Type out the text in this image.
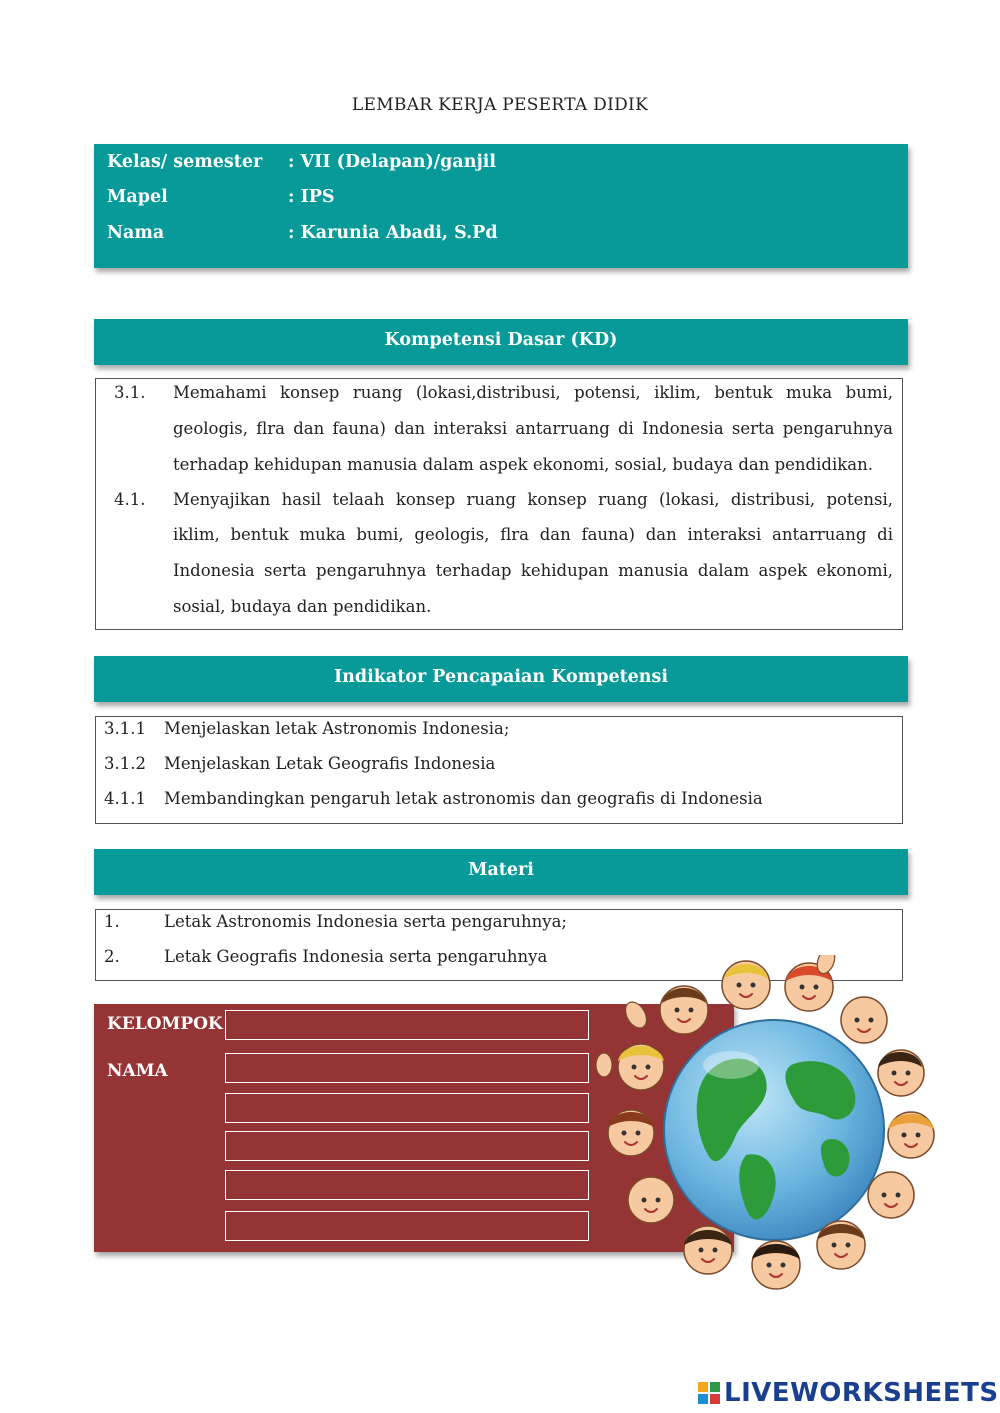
LEMBAR KERJA PESERTA DIDIK
Kelas/ semester : VII (Delapan)/ganjil
Mapel	: IPS
Nama	: Karunia Abadi, S.Pd
Kompetensi Dasar (KD)
3.1. Memahami konsep ruang (lokasi,distribusi, potensi, iklim, bentuk muka bumi,
geologis, flra dan fauna) dan interaksi antarruang di Indonesia serta pengaruhnya
terhadap kehidupan manusia dalam aspek ekonomi, sosial, budaya dan pendidikan.
4.1. Menyajikan hasil telaah konsep ruang konsep ruang (lokasi, distribusi, potensi,
iklim, bentuk muka bumi, geologis, flra dan fauna) dan interaksi antarruang di
Indonesia serta pengaruhnya terhadap kehidupan manusia dalam aspek ekonomi,
sosial, budaya dan pendidikan.
Indikator Pencapaian Kompetensi
3.1.1 Menjelaskan letak Astronomis Indonesia;
3.1.2 Menjelaskan Letak Geografis Indonesia
4.1.1 Membandingkan pengaruh letak astronomis dan geografis di Indonesia
Materi
1.	Letak Astronomis Indonesia serta pengaruhnya;
2.	Letak Geografis Indonesia serta pengaruhnya
KELOMPOK
NAMA
LIVEWORKSHEETS
